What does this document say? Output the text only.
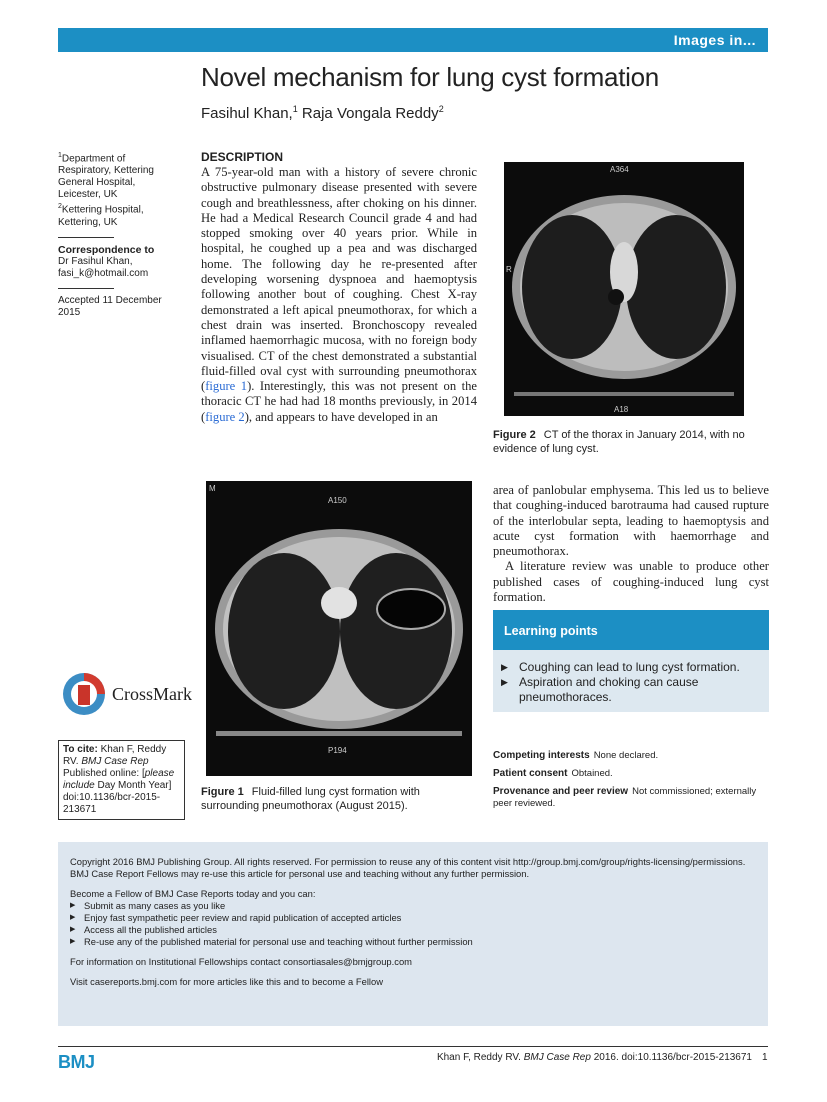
Images in...
Novel mechanism for lung cyst formation
Fasihul Khan,$^1$ Raja Vongala Reddy$^2$
$^1$Department of Respiratory, Kettering General Hospital, Leicester, UK
$^2$Kettering Hospital, Kettering, UK
Correspondence to
Dr Fasihul Khan,
fasi_k@hotmail.com
Accepted 11 December 2015
DESCRIPTION

A 75-year-old man with a history of severe chronic obstructive pulmonary disease presented with severe cough and breathlessness, after choking on his dinner. He had a Medical Research Council grade 4 and had stopped smoking over 40 years prior. While in hospital, he coughed up a pea and was discharged home. The following day he re-presented after developing worsening dyspnoea and haemoptysis following another bout of coughing. Chest X-ray demonstrated a left apical pneumothorax, for which a chest drain was inserted. Bronchoscopy revealed inflamed haemorrhagic mucosa, with no foreign body visualised. CT of the chest demonstrated a substantial fluid-filled oval cyst with surrounding pneumothorax (figure 1). Interestingly, this was not present on the thoracic CT he had had 18 months previously, in 2014 (figure 2), and appears to have developed in an

A364
A18
R
Figure 2 CT of the thorax in January 2014, with no evidence of lung cyst.

area of panlobular emphysema. This led us to believe that coughing-induced barotrauma had caused rupture of the interlobular septa, leading to haemoptysis and acute cyst formation with haemorrhage and pneumothorax.

A literature review was unable to produce other published cases of coughing-induced lung cyst formation.

Learning points
▶ Coughing can lead to lung cyst formation.
▶ Aspiration and choking can cause pneumothoraces.
M
A150
P194
Figure 1 Fluid-filled lung cyst formation with surrounding pneumothorax (August 2015).
Competing interests None declared.
Patient consent Obtained.
Provenance and peer review Not commissioned; externally peer reviewed.
CrossMark
To cite: Khan F, Reddy RV. BMJ Case Rep Published online: [please include Day Month Year] doi:10.1136/bcr-2015-213671

Copyright 2016 BMJ Publishing Group. All rights reserved. For permission to reuse any of this content visit http://group.bmj.com/group/rights-licensing/permissions.
BMJ Case Report Fellows may re-use this article for personal use and teaching without any further permission.

Become a Fellow of BMJ Case Reports today and you can:

▶ Submit as many cases as you like
▶ Enjoy fast sympathetic peer review and rapid publication of accepted articles
▶ Access all the published articles
▶ Re-use any of the published material for personal use and teaching without further permission

For information on Institutional Fellowships contact consortiasales@bmjgroup.com

Visit casereports.bmj.com for more articles like this and to become a Fellow

BMJ	Khan F, Reddy RV. BMJ Case Rep 2016. doi:10.1136/bcr-2015-213671 1
